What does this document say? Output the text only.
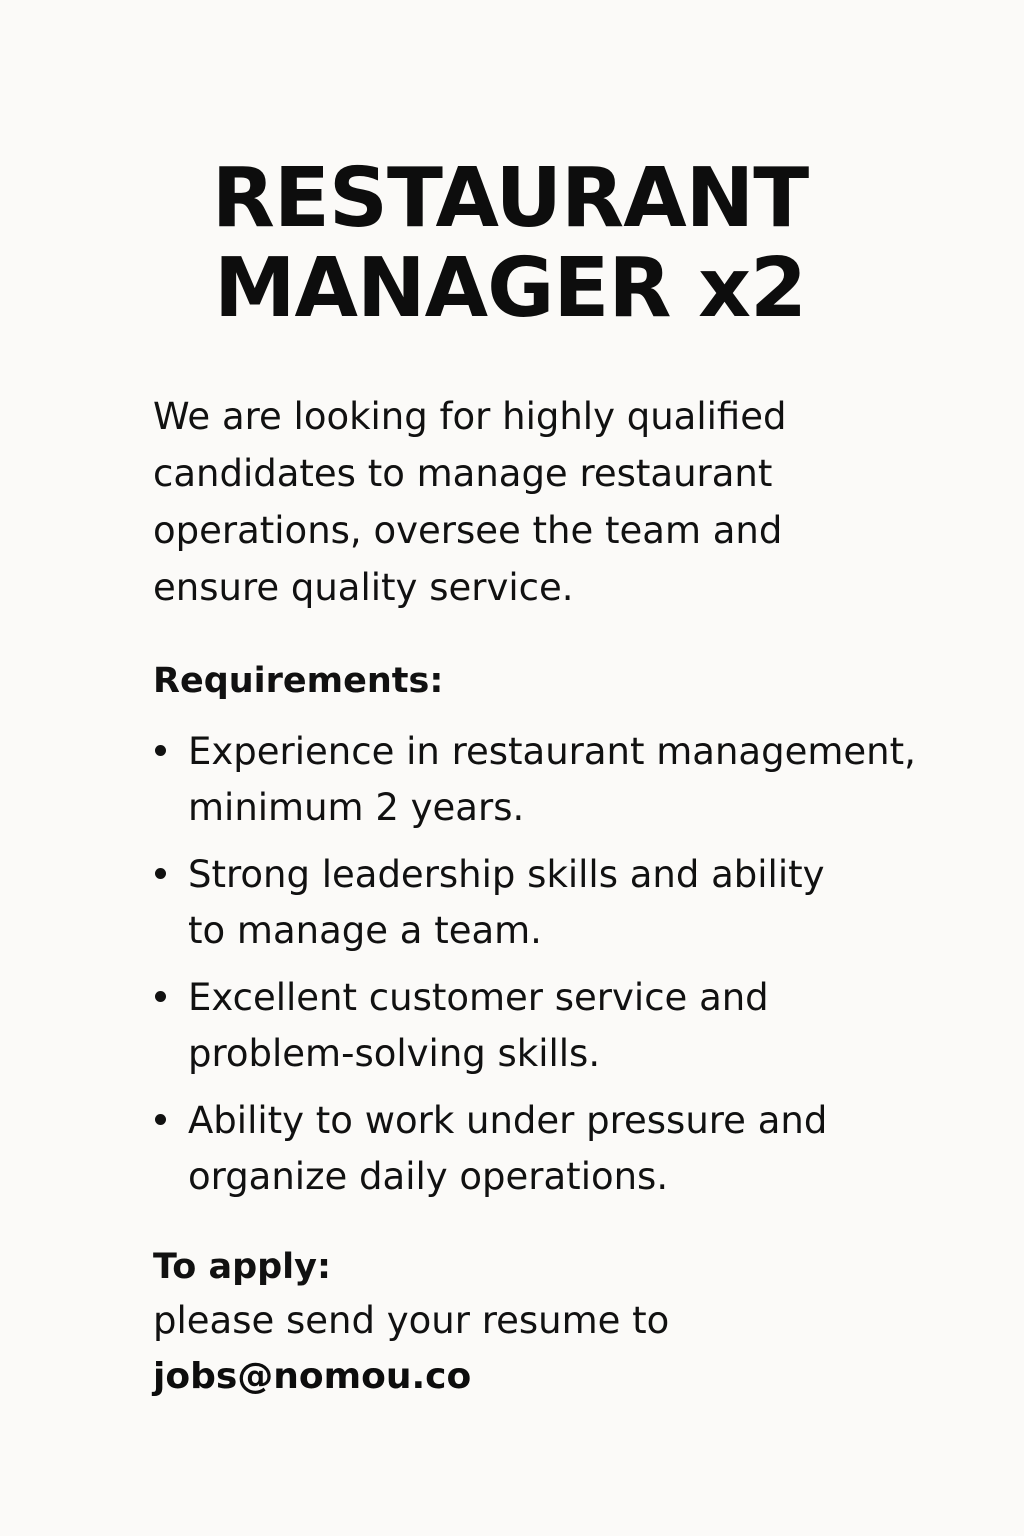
RESTAURANT
MANAGER x2

We are looking for highly qualified
candidates to manage restaurant
operations, oversee the team and
ensure quality service.

Requirements:
Experience in restaurant management,
minimum 2 years.
Strong leadership skills and ability
to manage a team.
Excellent customer service and
problem-solving skills.
Ability to work under pressure and
organize daily operations.
To apply:

please send your resume to

jobs@nomou.co
